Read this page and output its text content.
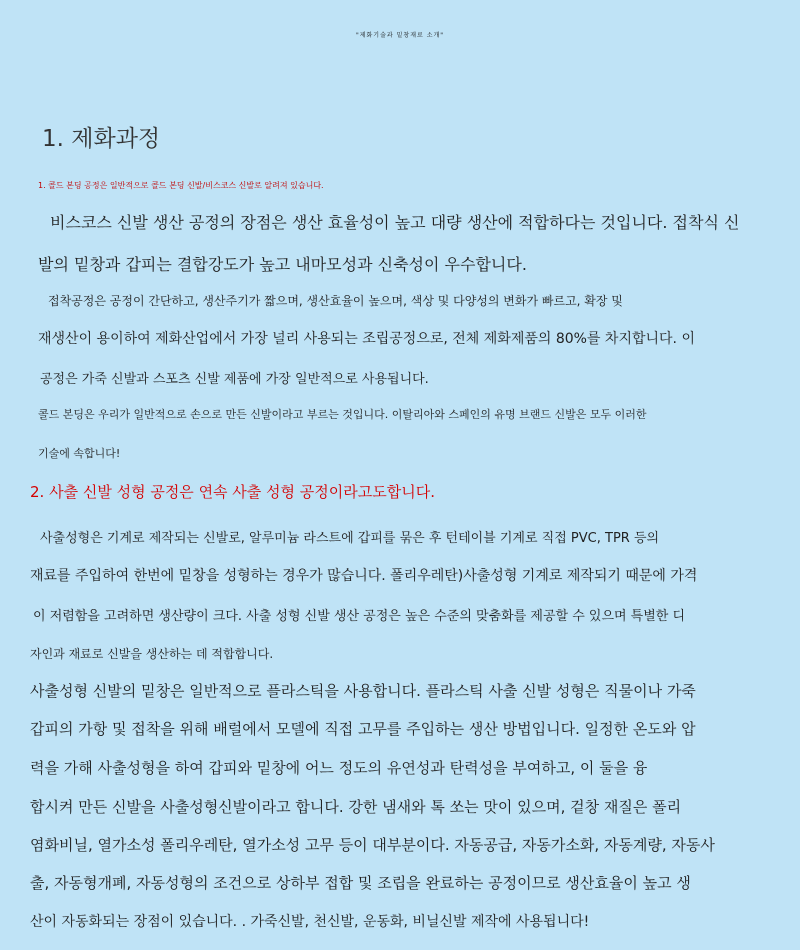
"제화기술과 밑창재료 소개"
1. 제화과정
1. 콜드 본딩 공정은 일반적으로 콜드 본딩 신발/비스코스 신발로 알려져 있습니다.
비스코스 신발 생산 공정의 장점은 생산 효율성이 높고 대량 생산에 적합하다는 것입니다. 접착식 신
발의 밑창과 갑피는 결합강도가 높고 내마모성과 신축성이 우수합니다.
접착공정은 공정이 간단하고, 생산주기가 짧으며, 생산효율이 높으며, 색상 및 다양성의 변화가 빠르고, 확장 및
재생산이 용이하여 제화산업에서 가장 널리 사용되는 조립공정으로, 전체 제화제품의 80%를 차지합니다. 이
공정은 가죽 신발과 스포츠 신발 제품에 가장 일반적으로 사용됩니다.
콜드 본딩은 우리가 일반적으로 손으로 만든 신발이라고 부르는 것입니다. 이탈리아와 스페인의 유명 브랜드 신발은 모두 이러한
기술에 속합니다!
2. 사출 신발 성형 공정은 연속 사출 성형 공정이라고도합니다.
사출성형은 기계로 제작되는 신발로, 알루미늄 라스트에 갑피를 묶은 후 턴테이블 기계로 직접 PVC, TPR 등의
재료를 주입하여 한번에 밑창을 성형하는 경우가 많습니다. 폴리우레탄)사출성형 기계로 제작되기 때문에 가격
이 저렴함을 고려하면 생산량이 크다. 사출 성형 신발 생산 공정은 높은 수준의 맞춤화를 제공할 수 있으며 특별한 디
자인과 재료로 신발을 생산하는 데 적합합니다.
사출성형 신발의 밑창은 일반적으로 플라스틱을 사용합니다. 플라스틱 사출 신발 성형은 직물이나 가죽
갑피의 가항 및 접착을 위해 배럴에서 모델에 직접 고무를 주입하는 생산 방법입니다. 일정한 온도와 압
력을 가해 사출성형을 하여 갑피와 밑창에 어느 정도의 유연성과 탄력성을 부여하고, 이 둘을 융
합시켜 만든 신발을 사출성형신발이라고 합니다. 강한 냄새와 톡 쏘는 맛이 있으며, 겉창 재질은 폴리
염화비닐, 열가소성 폴리우레탄, 열가소성 고무 등이 대부분이다. 자동공급, 자동가소화, 자동계량, 자동사
출, 자동형개폐, 자동성형의 조건으로 상하부 접합 및 조립을 완료하는 공정이므로 생산효율이 높고 생
산이 자동화되는 장점이 있습니다. . 가죽신발, 천신발, 운동화, 비닐신발 제작에 사용됩니다!
